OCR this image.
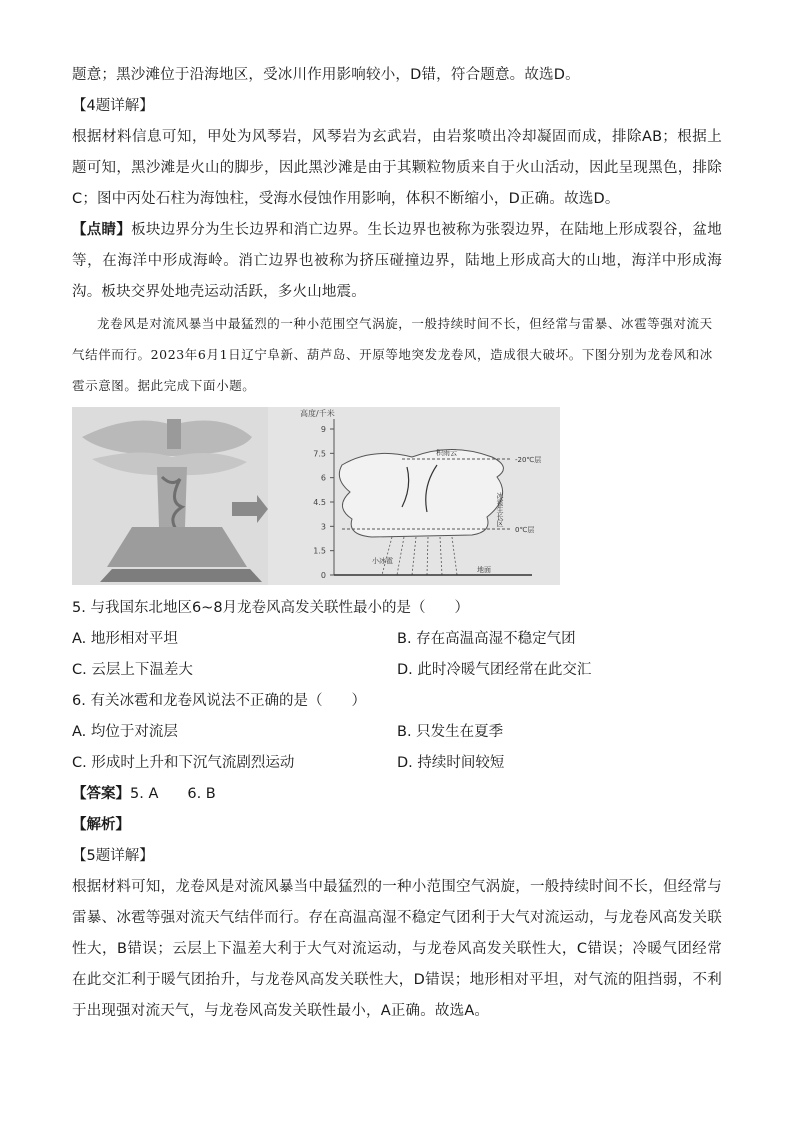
题意；黑沙滩位于沿海地区，受冰川作用影响较小，D错，符合题意。故选D。

【4题详解】

根据材料信息可知，甲处为风琴岩，风琴岩为玄武岩，由岩浆喷出冷却凝固而成，排除AB；根据上题可知，黑沙滩是火山的脚步，因此黑沙滩是由于其颗粒物质来自于火山活动，因此呈现黑色，排除C；图中丙处石柱为海蚀柱，受海水侵蚀作用影响，体积不断缩小，D正确。故选D。

【点睛】板块边界分为生长边界和消亡边界。生长边界也被称为张裂边界，在陆地上形成裂谷，盆地等，在海洋中形成海岭。消亡边界也被称为挤压碰撞边界，陆地上形成高大的山地，海洋中形成海沟。板块交界处地壳运动活跃，多火山地震。

龙卷风是对流风暴当中最猛烈的一种小范围空气涡旋，一般持续时间不长，但经常与雷暴、冰雹等强对流天气结伴而行。2023年6月1日辽宁阜新、葫芦岛、开原等地突发龙卷风，造成很大破坏。下图分别为龙卷风和冰雹示意图。据此完成下面小题。

高度/千米
9
7.5
6
4.5
3
1.5
0
积雨云
-20℃层
0℃层
冰雹生长区
小冰雹
地面

5. 与我国东北地区6~8月龙卷风高发关联性最小的是（　　）

A. 地形相对平坦	B. 存在高温高湿不稳定气团
C. 云层上下温差大	D. 此时冷暖气团经常在此交汇

6. 有关冰雹和龙卷风说法不正确的是（　　）

A. 均位于对流层	B. 只发生在夏季
C. 形成时上升和下沉气流剧烈运动	D. 持续时间较短

【答案】5. A　　6. B

【解析】

【5题详解】

根据材料可知，龙卷风是对流风暴当中最猛烈的一种小范围空气涡旋，一般持续时间不长，但经常与雷暴、冰雹等强对流天气结伴而行。存在高温高湿不稳定气团利于大气对流运动，与龙卷风高发关联性大，B错误；云层上下温差大利于大气对流运动，与龙卷风高发关联性大，C错误；冷暖气团经常在此交汇利于暖气团抬升，与龙卷风高发关联性大，D错误；地形相对平坦，对气流的阻挡弱，不利于出现强对流天气，与龙卷风高发关联性最小，A正确。故选A。
